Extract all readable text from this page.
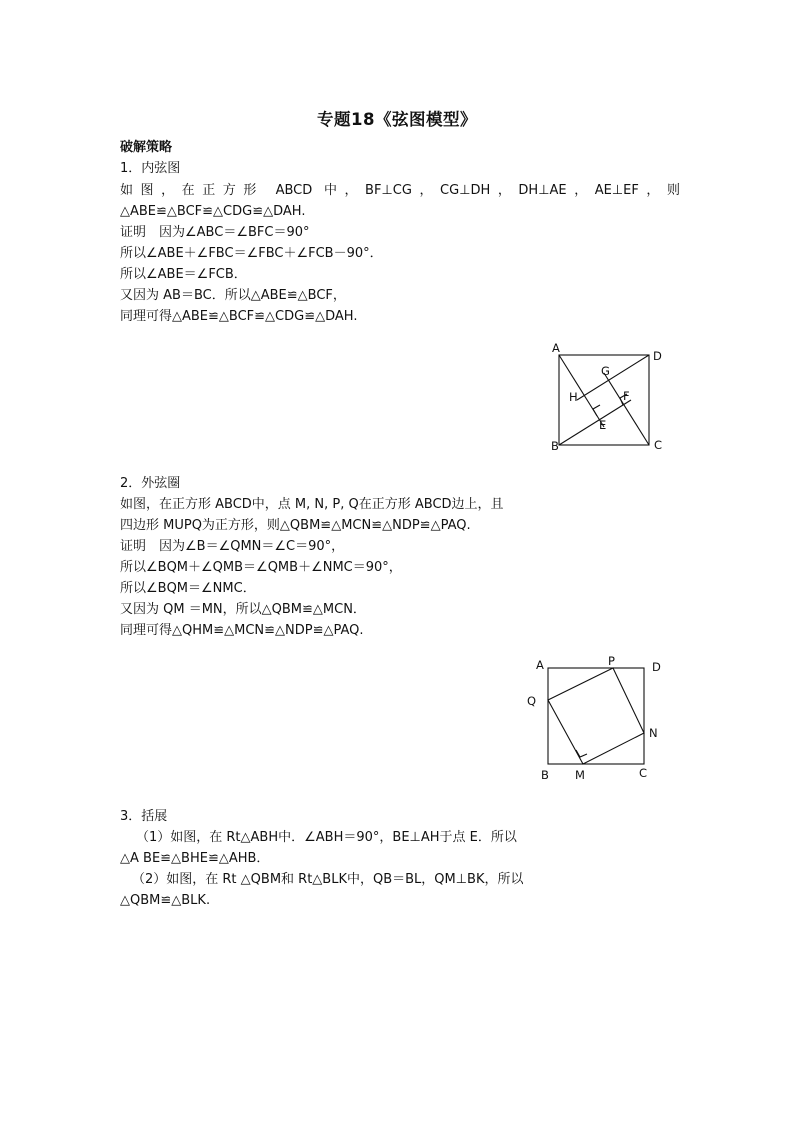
专题18《弦图模型》
破解策略
1．内弦图
如图，在正方形 ABCD 中，BF⊥CG，CG⊥DH，DH⊥AE，AE⊥EF，则
△ABE≌△BCF≌△CDG≌△DAH.
证明　因为∠ABC＝∠BFC＝90°
所以∠ABE＋∠FBC＝∠FBC＋∠FCB－90°．
所以∠ABE＝∠FCB．
又因为 AB＝BC．所以△ABE≌△BCF，
同理可得△ABE≌△BCF≌△CDG≌△DAH.
A
D
B	C
G
H	F
E
2．外弦圈
如图，在正方形 ABCD中，点 M, N, P, Q在正方形 ABCD边上，且
四边形 MUPQ为正方形，则△QBM≌△MCN≌△NDP≌△PAQ.
证明　因为∠B＝∠QMN＝∠C＝90°，
所以∠BQM＋∠QMB＝∠QMB＋∠NMC＝90°，
所以∠BQM＝∠NMC．
又因为 QM ＝MN，所以△QBM≌△MCN．
同理可得△QHM≌△MCN≌△NDP≌△PAQ.
A	P	D
Q
N
B M	C
3．括展
（1）如图，在 Rt△ABH中．∠ABH＝90°，BE⊥AH于点 E．所以
△A BE≌△BHE≌△AHB．
（2）如图，在 Rt △QBM和 Rt△BLK中，QB＝BL，QM⊥BK，所以
△QBM≌△BLK.
